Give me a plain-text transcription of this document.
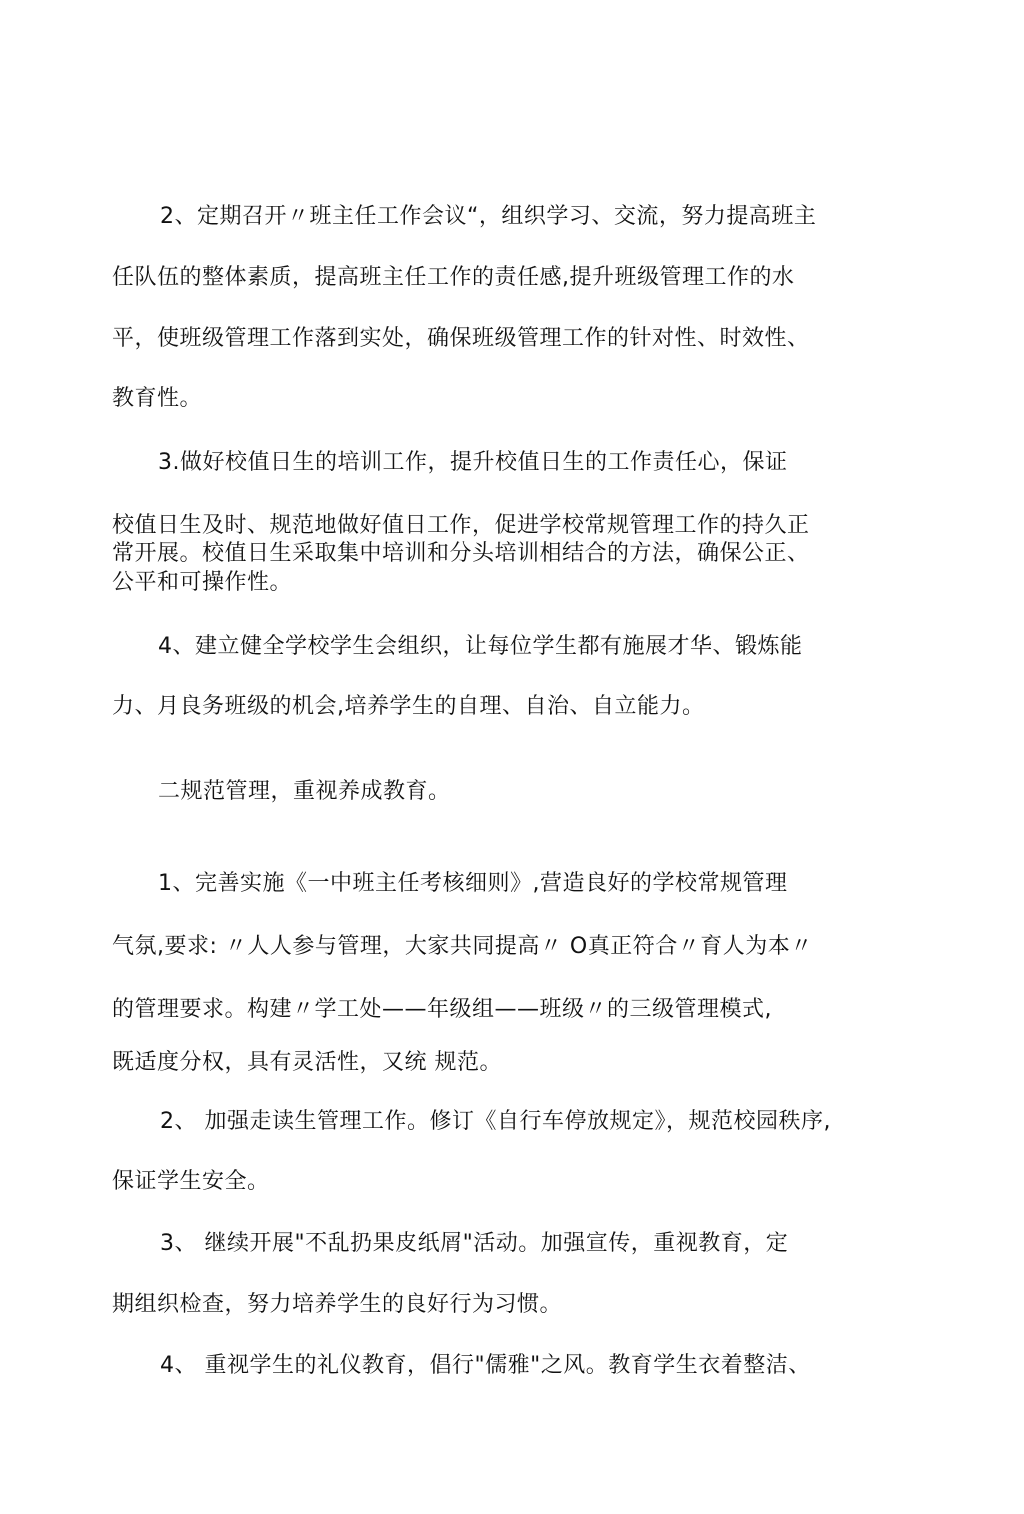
2、定期召开〃班主任工作会议“，组织学习、交流，努力提高班主

任队伍的整体素质，提高班主任工作的责任感,提升班级管理工作的水

平，使班级管理工作落到实处，确保班级管理工作的针对性、时效性、

教育性。

3.做好校值日生的培训工作，提升校值日生的工作责任心，保证

校值日生及时、规范地做好值日工作，促进学校常规管理工作的持久正

常开展。校值日生采取集中培训和分头培训相结合的方法，确保公正、

公平和可操作性。

4、建立健全学校学生会组织，让每位学生都有施展才华、锻炼能

力、月良务班级的机会,培养学生的自理、自治、自立能力。

二规范管理，重视养成教育。

1、完善实施《一中班主任考核细则》,营造良好的学校常规管理

气氛,要求: 〃人人参与管理，大家共同提高〃 O真正符合〃育人为本〃

的管理要求。构建〃学工处——年级组——班级〃的三级管理模式,

既适度分权，具有灵活性，又统 规范。

2、 加强走读生管理工作。修订《自行车停放规定》，规范校园秩序,

保证学生安全。

3、 继续开展"不乱扔果皮纸屑"活动。加强宣传，重视教育，定

期组织检查，努力培养学生的良好行为习惯。

4、 重视学生的礼仪教育，倡行"儒雅"之风。教育学生衣着整洁、
